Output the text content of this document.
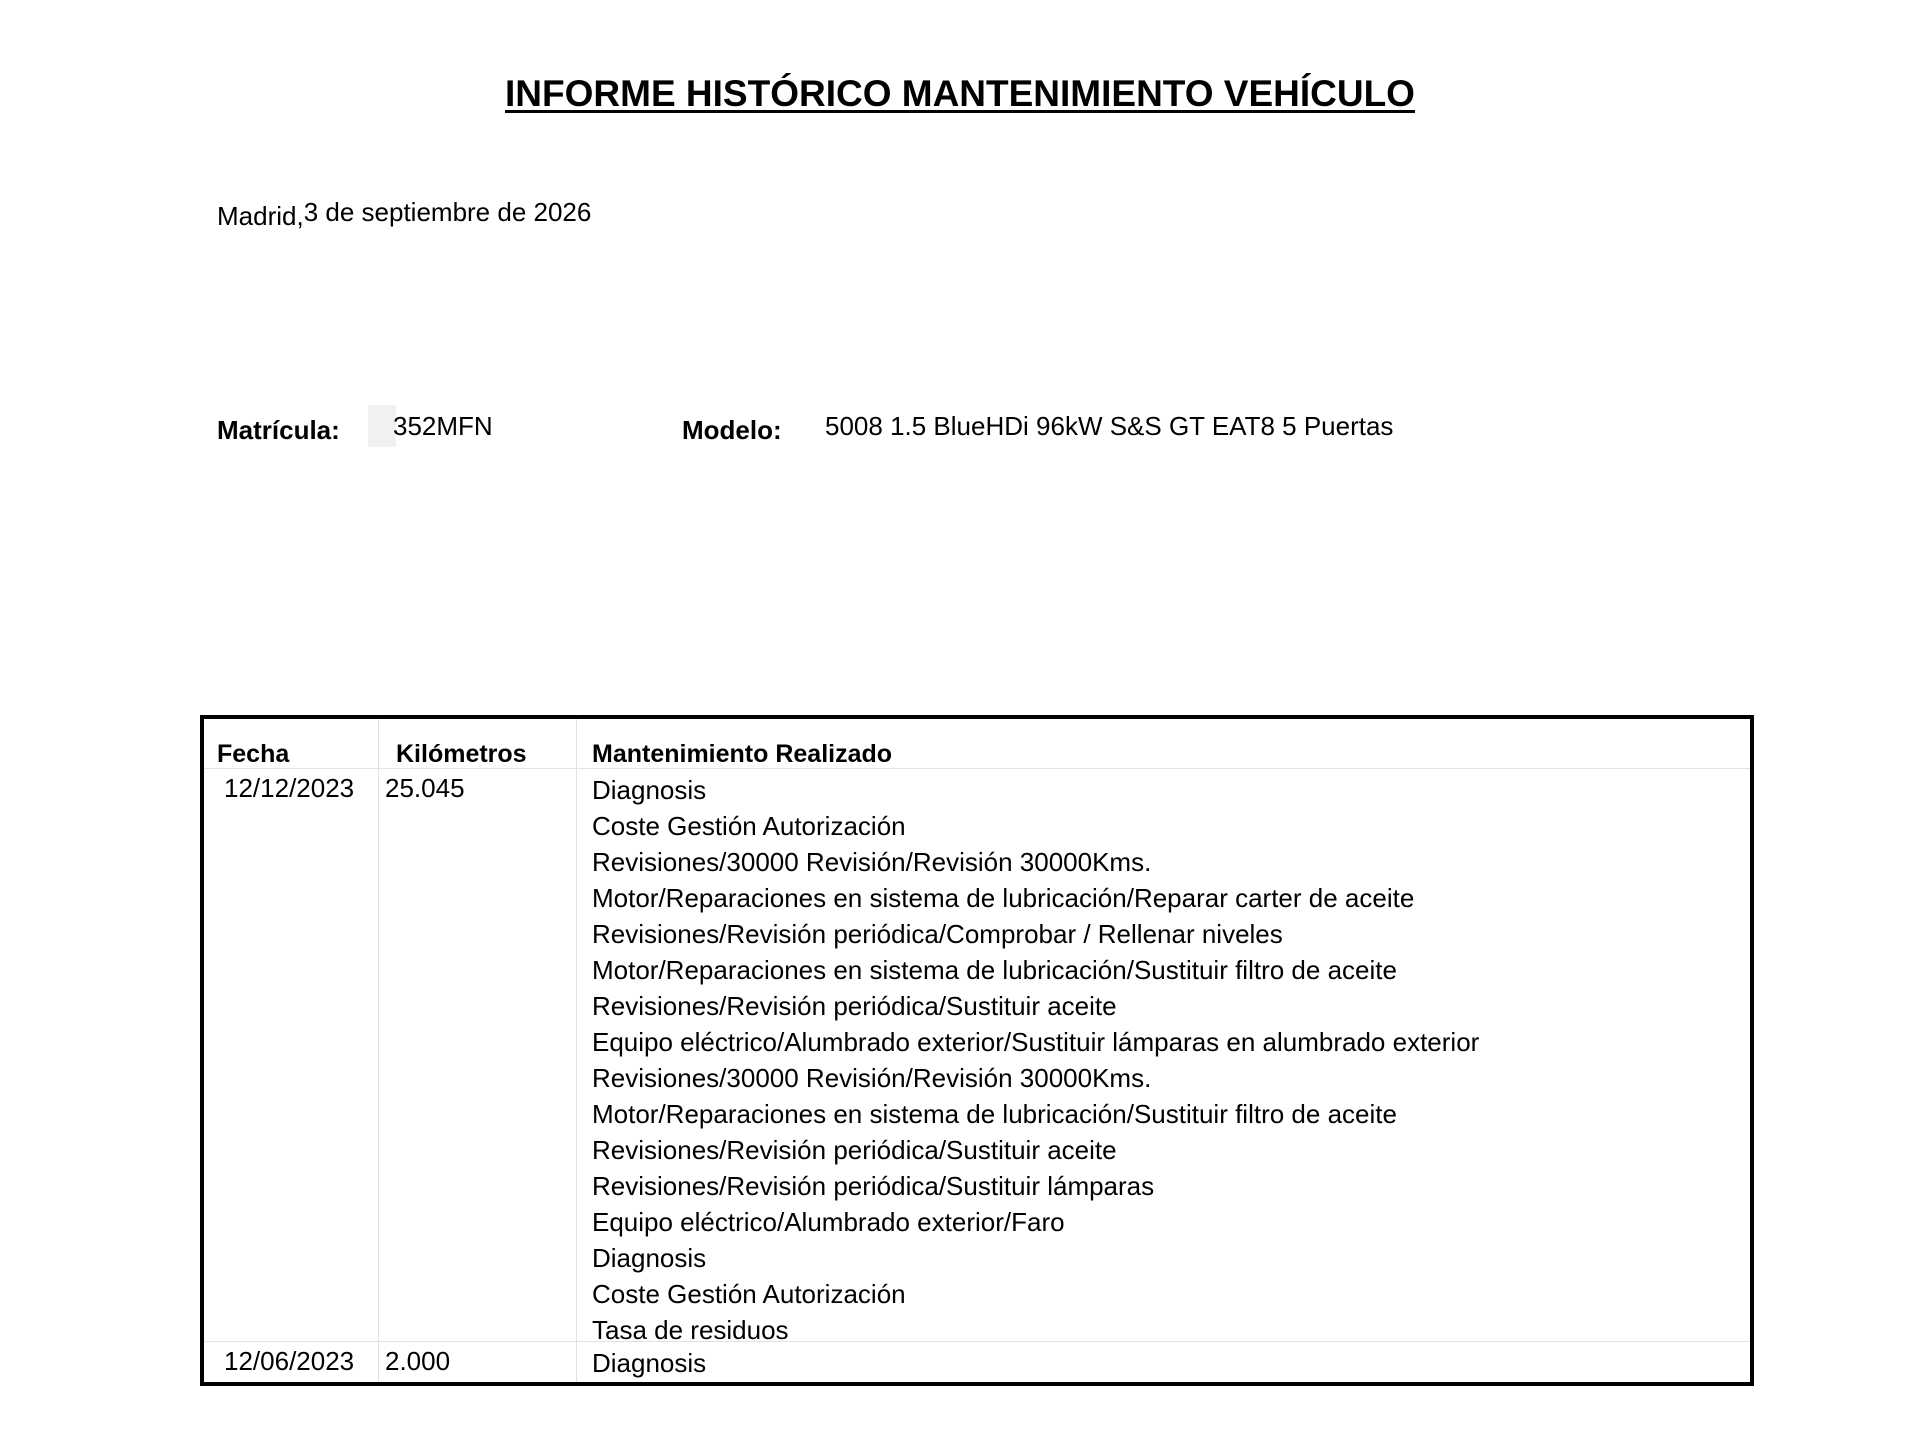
INFORME HISTÓRICO MANTENIMIENTO VEHÍCULO
Madrid,3 de septiembre de 2026
Matrícula: 352MFN	Modelo: 5008 1.5 BlueHDi 96kW S&S GT EAT8 5 Puertas
Fecha	Kilómetros	Mantenimiento Realizado
12/12/2023 25.045	Diagnosis
Coste Gestión Autorización
Revisiones/30000 Revisión/Revisión 30000Kms.
Motor/Reparaciones en sistema de lubricación/Reparar carter de aceite
Revisiones/Revisión periódica/Comprobar / Rellenar niveles
Motor/Reparaciones en sistema de lubricación/Sustituir filtro de aceite
Revisiones/Revisión periódica/Sustituir aceite
Equipo eléctrico/Alumbrado exterior/Sustituir lámparas en alumbrado exterior
Revisiones/30000 Revisión/Revisión 30000Kms.
Motor/Reparaciones en sistema de lubricación/Sustituir filtro de aceite
Revisiones/Revisión periódica/Sustituir aceite
Revisiones/Revisión periódica/Sustituir lámparas
Equipo eléctrico/Alumbrado exterior/Faro
Diagnosis
Coste Gestión Autorización
Tasa de residuos
12/06/2023 2.000	Diagnosis
